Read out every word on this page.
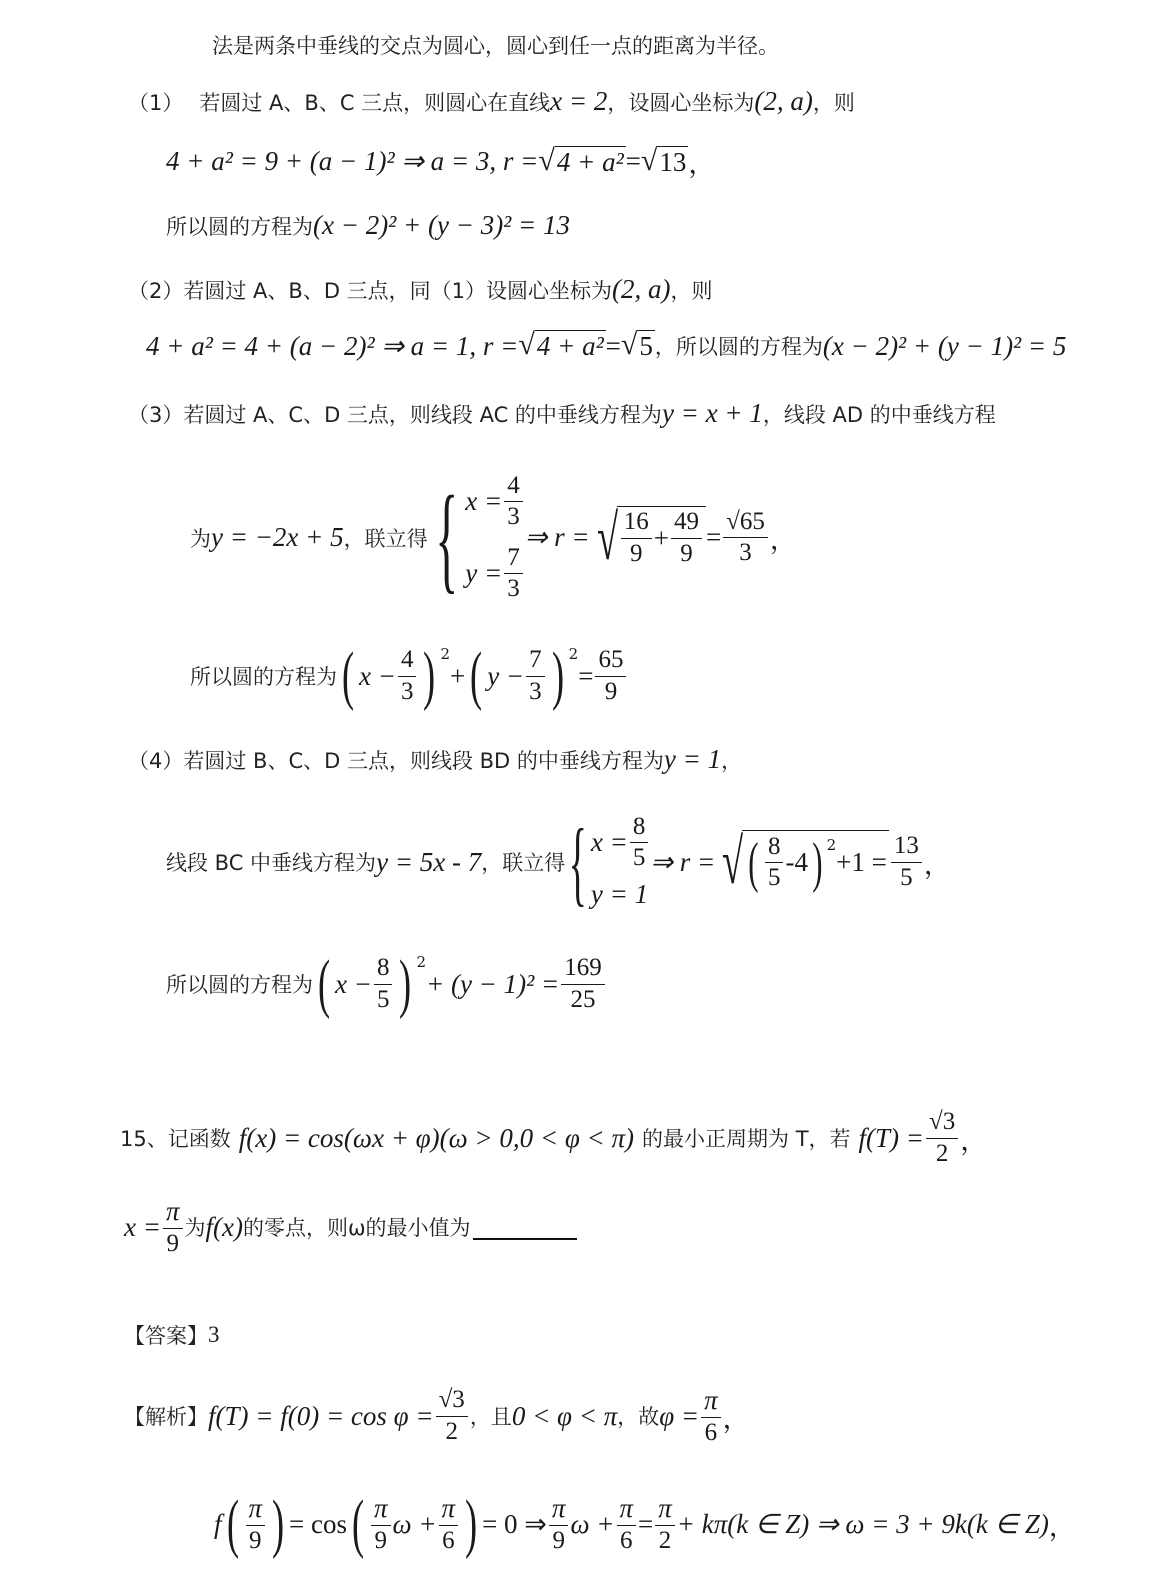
法是两条中垂线的交点为圆心，圆心到任一点的距离为半径。
（1） 若圆过 A、B、C 三点，则圆心在直线 x = 2 ，设圆心坐标为 (2, a) ，则
4 + a² = 9 + (a − 1)² ⇒ a = 3, r = √ 4 + a² = √ 13 ，
所以圆的方程为 (x − 2)² + (y − 3)² = 13
（2） 若圆过 A、B、D 三点，同（1）设圆心坐标为 (2, a) ，则
4 + a² = 4 + (a − 2)² ⇒ a = 1, r = √ 4 + a² = √ 5 ，所以圆的方程为 (x − 2)² + (y − 1)² = 5
（3） 若圆过 A、C、D 三点，则线段 AC 的中垂线方程为 y = x + 1 ，线段 AD 的中垂线方程
为 y = −2x + 5 ，联立得 { $x = \frac{4}{3}$
$y = \frac{7}{3}$
⇒ r = √ $\frac{16}{9} + \frac{49}{9} = \frac{√65}{3}$ ，
所以圆的方程为 ( $x - \frac{4}{3}$ ) 2
+ ( $y - \frac{7}{3}$ ) 2
= $\frac{65}{9}$
（4） 若圆过 B、C、D 三点，则线段 BD 的中垂线方程为 y = 1 ，
线段 BC 中垂线方程为 y = 5x - 7 ，联立得 { $x = \frac{8}{5}$
y = 1
⇒ r = √ ( $\frac{8}{5} -4$ ) 2
$+1 = \frac{13}{5}$ ，
所以圆的方程为 ( $x - \frac{8}{5}$ ) 2
+ $(y - 1)^2 = \frac{169}{25}$
15、 记函数 f(x) = cos(ωx + φ)(ω > 0,0 < φ < π) 的最小正周期为 T，若 $f(T) = \frac{√3}{2}$ ，
$x = \frac{\pi}{9}$ 为 f(x) 的零点，则ω的最小值为
【答案】 3
【解析】 $f(T) = f(0) = \cos \varphi = \frac{√3}{2}$ ，且 0 < φ < π ，故 $\varphi = \frac{\pi}{6}$ ，
f ( $\frac{\pi}{9}$ ) = cos ( $\frac{\pi}{9}$ $\omega + \frac{\pi}{6}$ ) = 0 ⇒ $\frac{\pi}{9}$ $\omega + \frac{\pi}{6} = \frac{\pi}{2} + k\pi(k$ ∈ Z) ⇒ ω = 3 + 9k(k ∈ Z) ，
